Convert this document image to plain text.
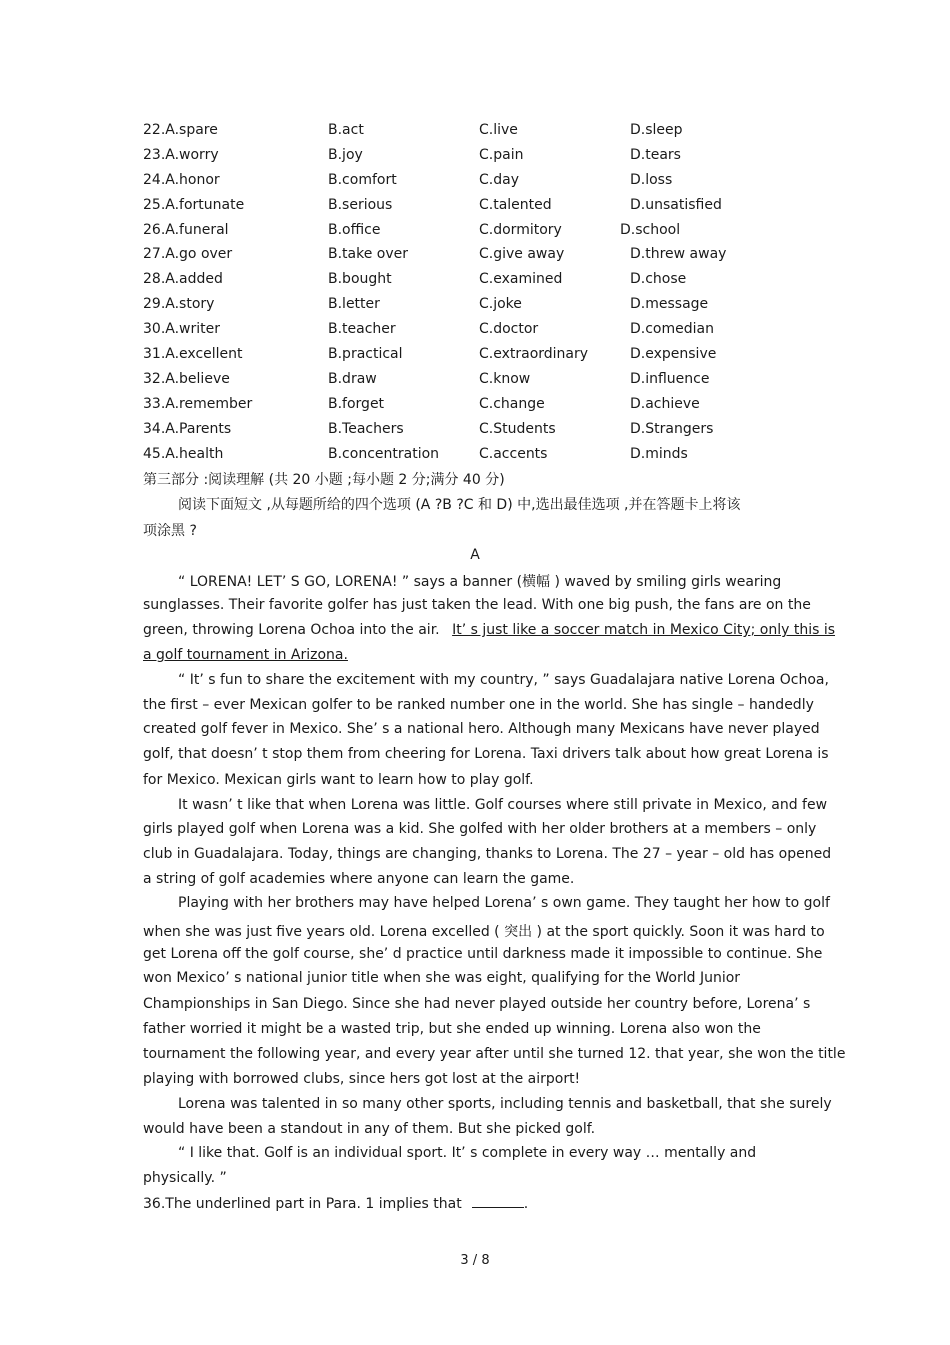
22.A.spare	B.act	C.live	D.sleep
23.A.worry	B.joy	C.pain	D.tears
24.A.honor	B.comfort	C.day	D.loss
25.A.fortunate	B.serious	C.talented	D.unsatisfied
26.A.funeral	B.office	C.dormitory	D.school
27.A.go over	B.take over	C.give away	D.threw away
28.A.added	B.bought	C.examined	D.chose
29.A.story	B.letter	C.joke	D.message
30.A.writer	B.teacher	C.doctor	D.comedian
31.A.excellent	B.practical	C.extraordinary	D.expensive
32.A.believe	B.draw	C.know	D.influence
33.A.remember	B.forget	C.change	D.achieve
34.A.Parents	B.Teachers	C.Students	D.Strangers
45.A.health	B.concentration	C.accents	D.minds
第三部分 :阅读理解 (共 20 小题 ;每小题 2 分;满分 40 分)
阅读下面短文 ,从每题所给的四个选项 (A ?B ?C 和 D) 中,选出最佳选项 ,并在答题卡上将该
项涂黑 ?
A
“ LORENA! LET’ S GO, LORENA! ” says a banner (横幅 ) waved by smiling girls wearing
sunglasses. Their favorite golfer has just taken the lead. With one big push, the fans are on the
green, throwing Lorena Ochoa into the air. It’ s just like a soccer match in Mexico City; only this is
a golf tournament in Arizona.
“ It’ s fun to share the excitement with my country, ” says Guadalajara native Lorena Ochoa,
the first – ever Mexican golfer to be ranked number one in the world. She has single – handedly
created golf fever in Mexico. She’ s a national hero. Although many Mexicans have never played
golf, that doesn’ t stop them from cheering for Lorena. Taxi drivers talk about how great Lorena is
for Mexico. Mexican girls want to learn how to play golf.
It wasn’ t like that when Lorena was little. Golf courses where still private in Mexico, and few
girls played golf when Lorena was a kid. She golfed with her older brothers at a members – only
club in Guadalajara. Today, things are changing, thanks to Lorena. The 27 – year – old has opened
a string of golf academies where anyone can learn the game.
Playing with her brothers may have helped Lorena’ s own game. They taught her how to golf
when she was just five years old. Lorena excelled ( 突出 ) at the sport quickly. Soon it was hard to
get Lorena off the golf course, she’ d practice until darkness made it impossible to continue. She
won Mexico’ s national junior title when she was eight, qualifying for the World Junior
Championships in San Diego. Since she had never played outside her country before, Lorena’ s
father worried it might be a wasted trip, but she ended up winning. Lorena also won the
tournament the following year, and every year after until she turned 12. that year, she won the title
playing with borrowed clubs, since hers got lost at the airport!
Lorena was talented in so many other sports, including tennis and basketball, that she surely
would have been a standout in any of them. But she picked golf.
“ I like that. Golf is an individual sport. It’ s complete in every way … mentally and
physically. ”
36.The underlined part in Para. 1 implies that	.
3 / 8
